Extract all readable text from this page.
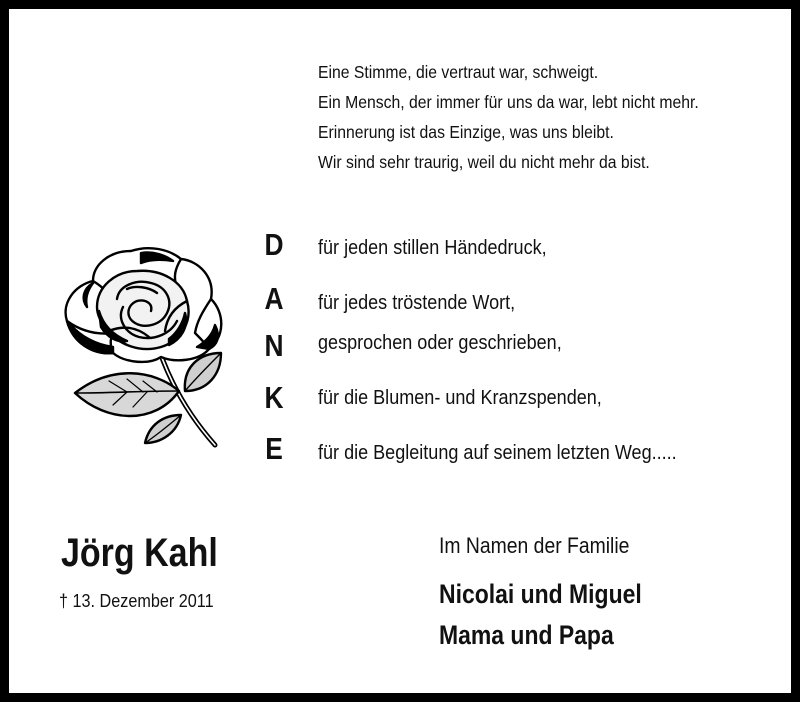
Eine Stimme, die vertraut war, schweigt.
Ein Mensch, der immer für uns da war, lebt nicht mehr.
Erinnerung ist das Einzige, was uns bleibt.
Wir sind sehr traurig, weil du nicht mehr da bist.
D
A
N
K
E
für jeden stillen Händedruck,
für jedes tröstende Wort,
gesprochen oder geschrieben,
für die Blumen- und Kranzspenden,
für die Begleitung auf seinem letzten Weg.....
Jörg Kahl
† 13. Dezember 2011
Im Namen der Familie
Nicolai und Miguel
Mama und Papa
